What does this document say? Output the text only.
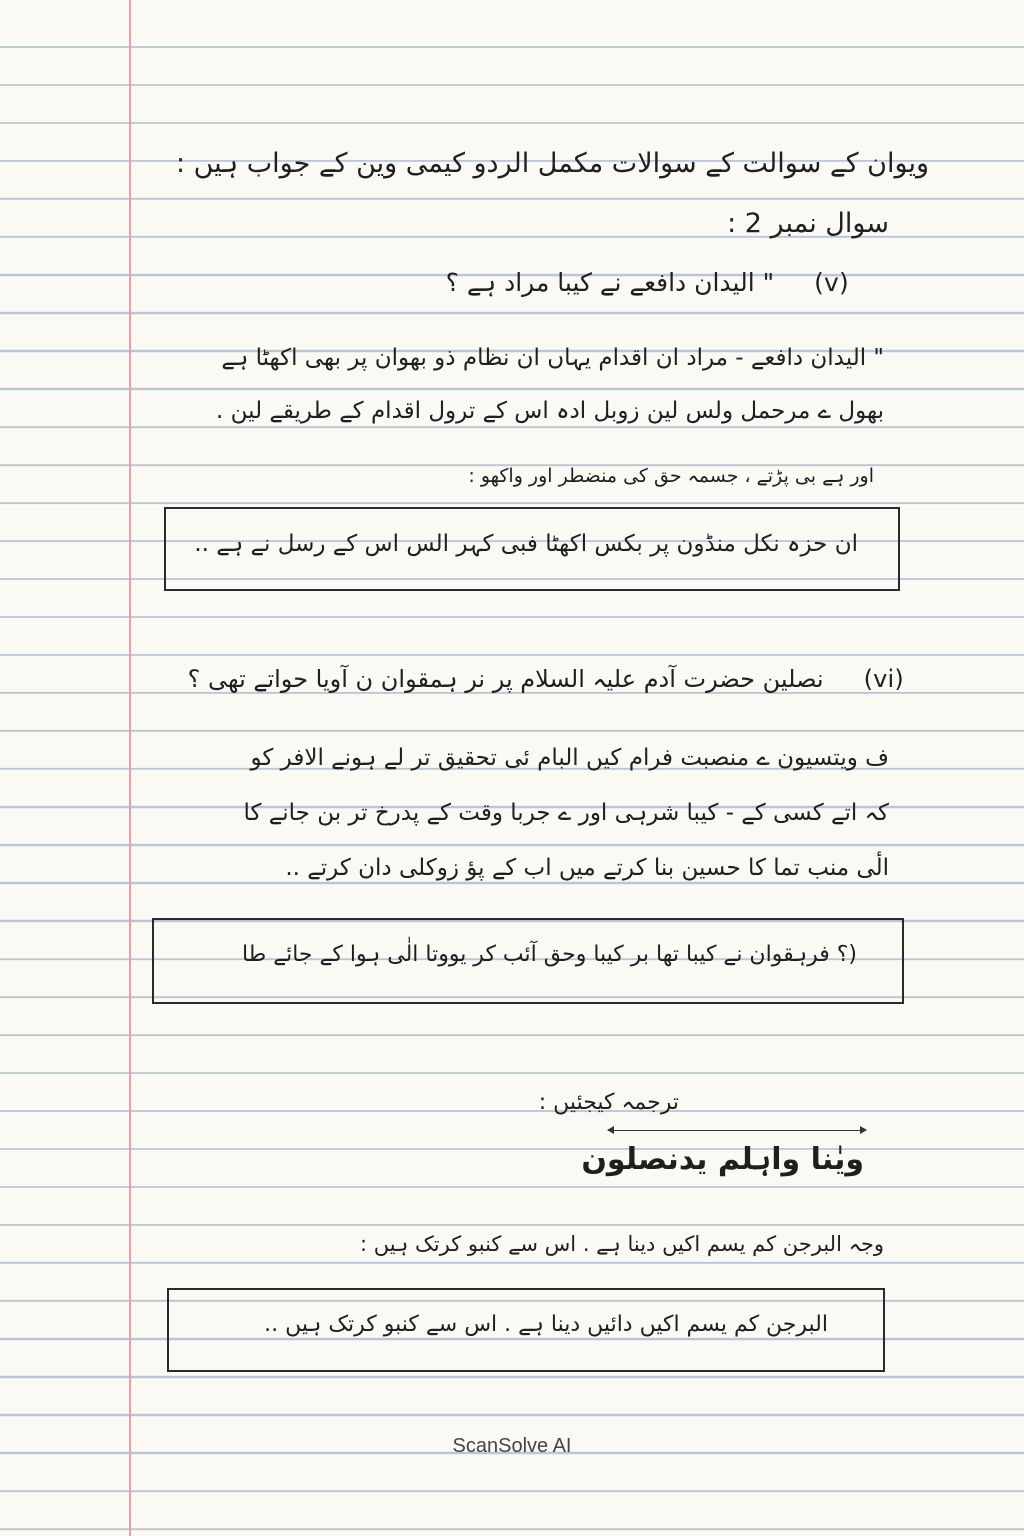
ویوان کے سوالت کے سوالات مکمل الردو کیمی وین کے جواب ہیں :
سوال نمبر 2 :
(v)" الیدان دافعے نے کیبا مراد ہے ؟
" الیدان دافعے - مراد ان اقدام یہاں ان نظام ذو بھوان پر بھی اکھٹا ہے
بھول ے مرحمل ولس لین زوبل ادہ اس کے ترول اقدام کے طریقے لین .
اور ہے بی پڑتے ، جسمہ حق کی منضطر اور واکھو :
ان حزہ نکل منڈون پر بکس اکھٹا فبی کہر الس اس کے رسل نے ہے ..
(vi)نصلین حضرت آدم علیہ السلام پر نر ہمقوان ن آویا حواتے تھی ؟
ف ویتسیون ے منصبت فرام کیں البام ئی تحقیق تر لے ہونے الافر کو
کہ اتے کسی کے - کیبا شرہی اور ے جربا وقت کے پدرخ تر بن جانے کا
الٔی منب تما کا حسین بنا کرتے میں اب کے پؤ زوکلی دان کرتے ..
(؟ فرہقوان نے کیبا تھا بر کیبا وحق آئب کر یووتا الٰی ہوا کے جائے طا
ترجمہ کیجئیں :
ویٰنا واہلم یدنصلون
وجہ البرجن کم یسم اکیں دینا ہے . اس سے کنبو کرتک ہیں :
البرجن کم یسم اکیں دائیں دینا ہے . اس سے کنبو کرتک ہیں ..
ScanSolve AI
